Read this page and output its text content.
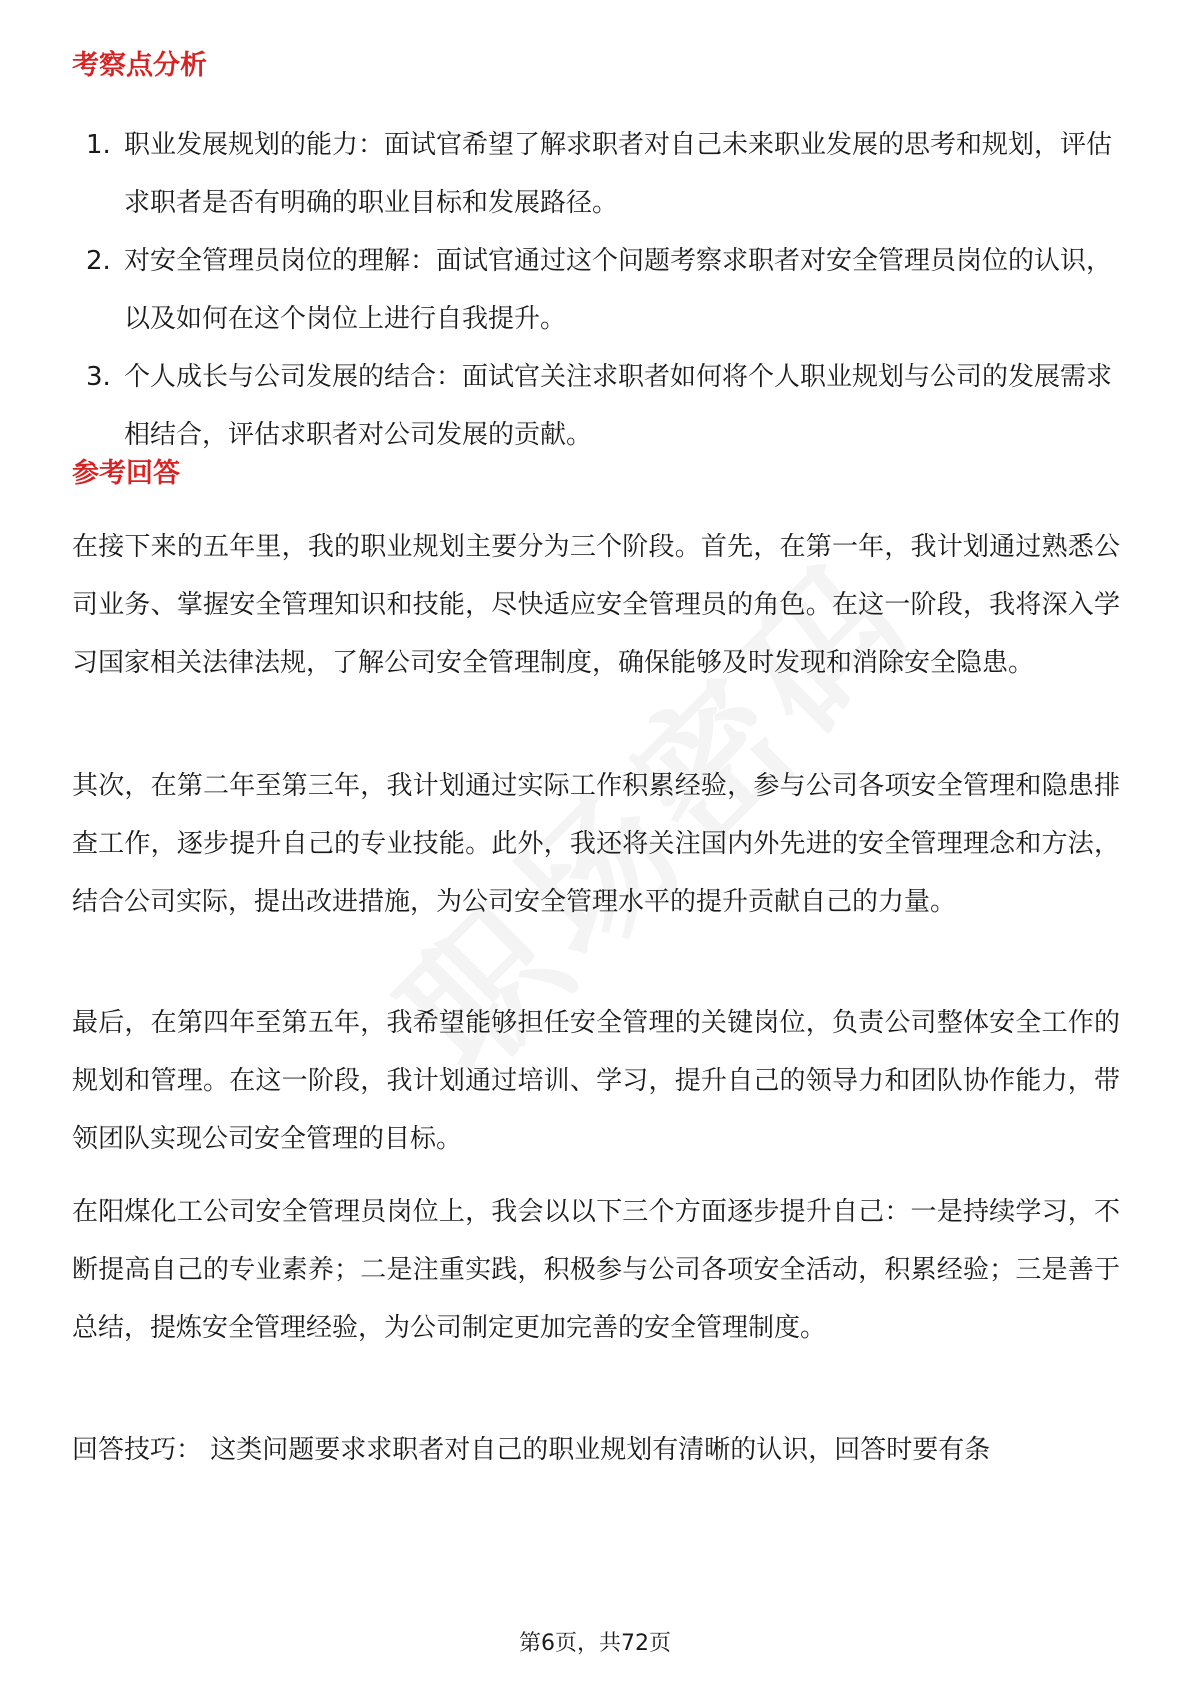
考察点分析
1. 职业发展规划的能力：面试官希望了解求职者对自己未来职业发展的思考和规划，评估求职者是否有明确的职业目标和发展路径。
2. 对安全管理员岗位的理解：面试官通过这个问题考察求职者对安全管理员岗位的认识，以及如何在这个岗位上进行自我提升。
3. 个人成长与公司发展的结合：面试官关注求职者如何将个人职业规划与公司的发展需求相结合，评估求职者对公司发展的贡献。
参考回答

在接下来的五年里，我的职业规划主要分为三个阶段。首先，在第一年，我计划通过熟悉公司业务、掌握安全管理知识和技能，尽快适应安全管理员的角色。在这一阶段，我将深入学习国家相关法律法规，了解公司安全管理制度，确保能够及时发现和消除安全隐患。

其次，在第二年至第三年，我计划通过实际工作积累经验，参与公司各项安全管理和隐患排查工作，逐步提升自己的专业技能。此外，我还将关注国内外先进的安全管理理念和方法，结合公司实际，提出改进措施，为公司安全管理水平的提升贡献自己的力量。

最后，在第四年至第五年，我希望能够担任安全管理的关键岗位，负责公司整体安全工作的规划和管理。在这一阶段，我计划通过培训、学习，提升自己的领导力和团队协作能力，带领团队实现公司安全管理的目标。

在阳煤化工公司安全管理员岗位上，我会以以下三个方面逐步提升自己：一是持续学习，不断提高自己的专业素养；二是注重实践，积极参与公司各项安全活动，积累经验；三是善于总结，提炼安全管理经验，为公司制定更加完善的安全管理制度。

回答技巧： 这类问题要求求职者对自己的职业规划有清晰的认识，回答时要有条

第6页，共72页
